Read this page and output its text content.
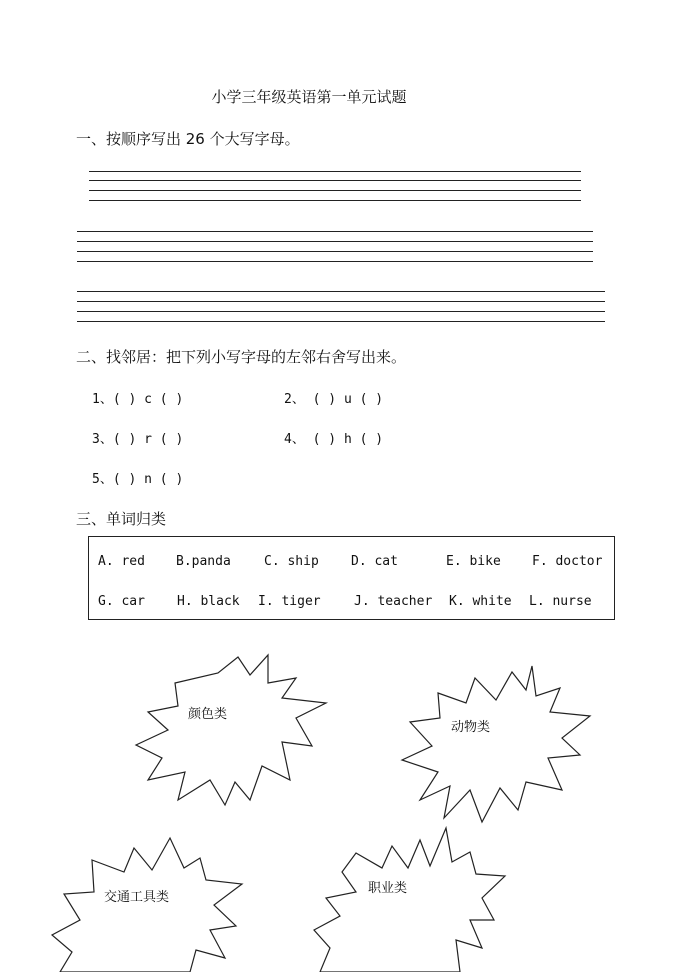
小学三年级英语第一单元试题
一、按顺序写出 26 个大写字母。
二、找邻居：把下列小写字母的左邻右舍写出来。
1、( ) c ( )	2、 ( ) u ( )
3、( ) r ( )	4、 ( ) h ( )
5、( ) n ( )
三、单词归类
A. red B.panda	C. ship D. cat	E. bike F. doctor
G. car H. black I. tiger	J. teacher K. white L. nurse
颜色类
动物类
交通工具类
职业类
